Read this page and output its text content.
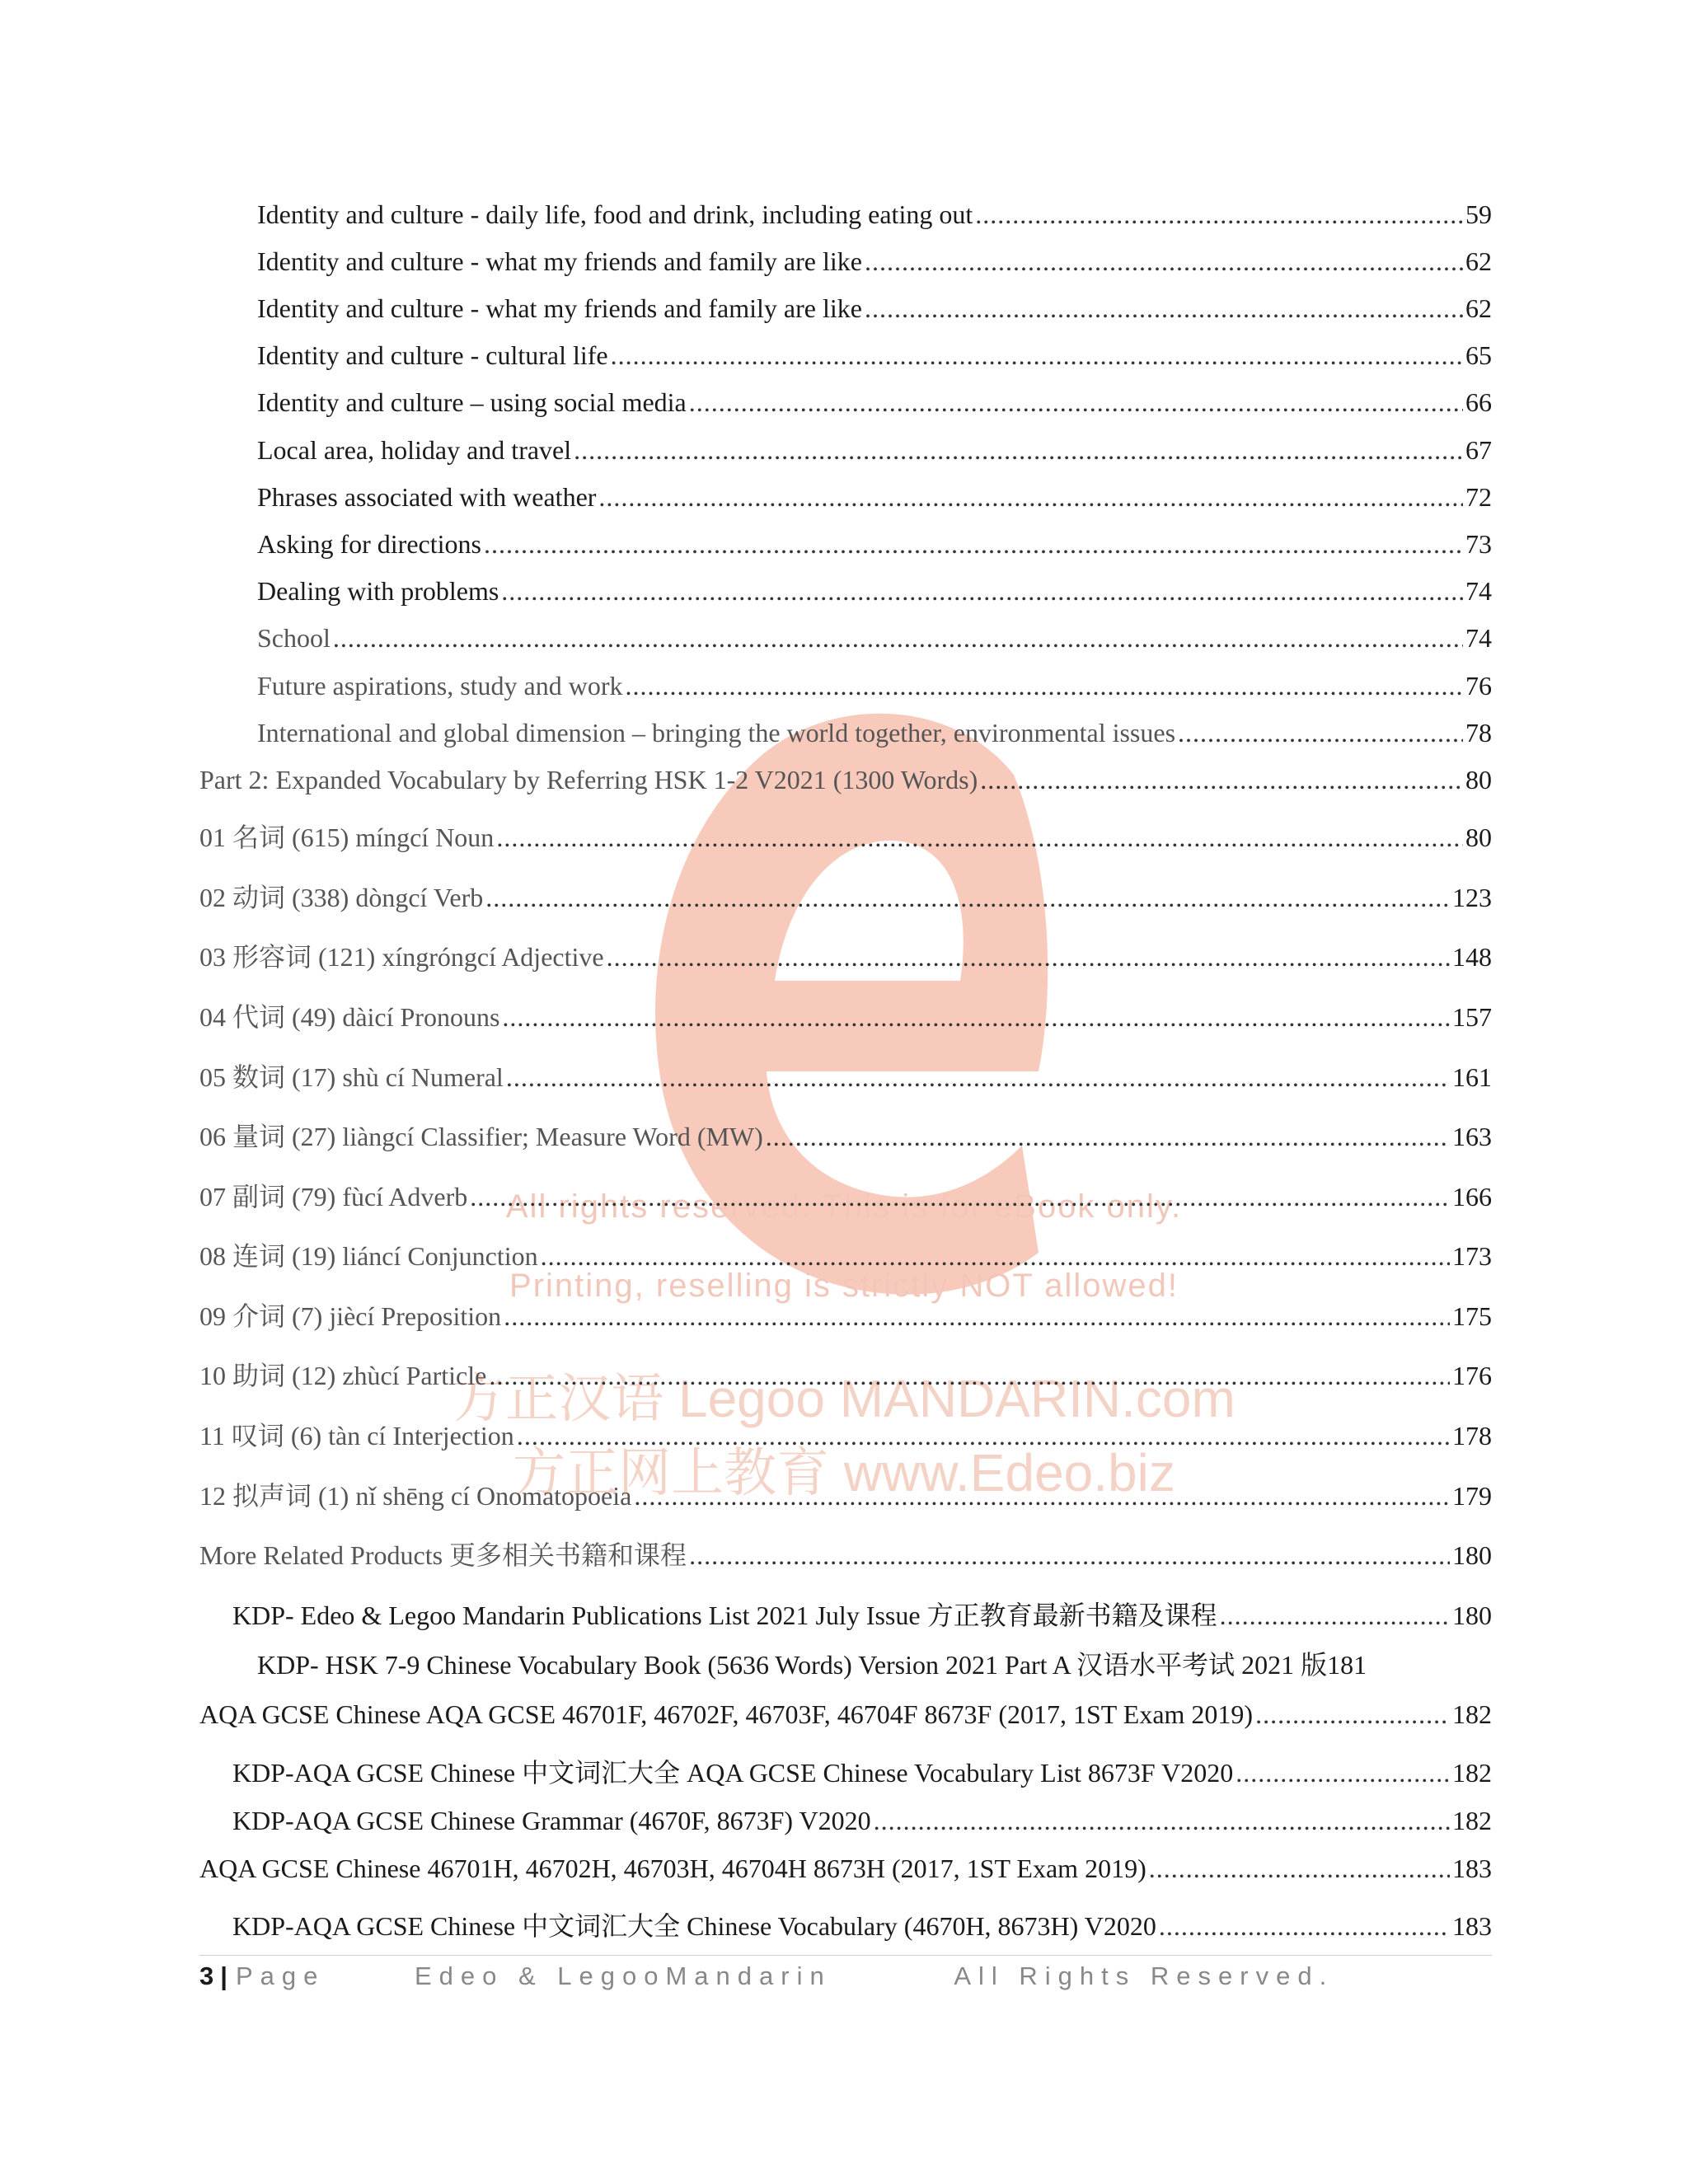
All rights reserved. This is for eBook only.
Printing, reselling is strictly NOT allowed!
方正汉语 Legoo MANDARIN.com
方正网上教育 www.Edeo.biz
Identity and culture - daily life, food and drink, including eating out .....	59
Identity and culture - what my friends and family are like .....	62
Identity and culture - what my friends and family are like .....	62
Identity and culture - cultural life .....	65
Identity and culture – using social media .....	66
Local area, holiday and travel .....	67
Phrases associated with weather .....	72
Asking for directions .....	73
Dealing with problems .....	74
School .....	74
Future aspirations, study and work .....	76
International and global dimension – bringing the world together, environmental issues .....	78
Part 2: Expanded Vocabulary by Referring HSK 1-2 V2021 (1300 Words) .....	80
01 名词 (615) míngcí Noun .....	80
02 动词 (338) dòngcí Verb .....	123
03 形容词 (121) xíngróngcí Adjective .....	148
04 代词 (49) dàicí Pronouns .....	157
05 数词 (17) shù cí Numeral .....	161
06 量词 (27) liàngcí Classifier; Measure Word (MW) .....	163
07 副词 (79) fùcí Adverb .....	166
08 连词 (19) liáncí Conjunction .....	173
09 介词 (7) jiècí Preposition .....	175
10 助词 (12) zhùcí Particle .....	176
11 叹词 (6) tàn cí Interjection .....	178
12 拟声词 (1) nǐ shēng cí Onomatopoeia .....	179
More Related Products 更多相关书籍和课程 .....	180
KDP- Edeo & Legoo Mandarin Publications List 2021 July Issue 方正教育最新书籍及课程 .....	180
KDP- HSK 7-9 Chinese Vocabulary Book (5636 Words) Version 2021 Part A 汉语水平考试 2021 版 181
AQA GCSE Chinese AQA GCSE 46701F, 46702F, 46703F, 46704F 8673F (2017, 1ST Exam 2019) .....	182
KDP-AQA GCSE Chinese 中文词汇大全 AQA GCSE Chinese Vocabulary List 8673F V2020 .....	182
KDP-AQA GCSE Chinese Grammar (4670F, 8673F) V2020 .....	182
AQA GCSE Chinese 46701H, 46702H, 46703H, 46704H 8673H (2017, 1ST Exam 2019) .....	183
KDP-AQA GCSE Chinese 中文词汇大全 Chinese Vocabulary (4670H, 8673H) V2020 .....	183
3 | Page	Edeo & LegooMandarin	All Rights Reserved.
